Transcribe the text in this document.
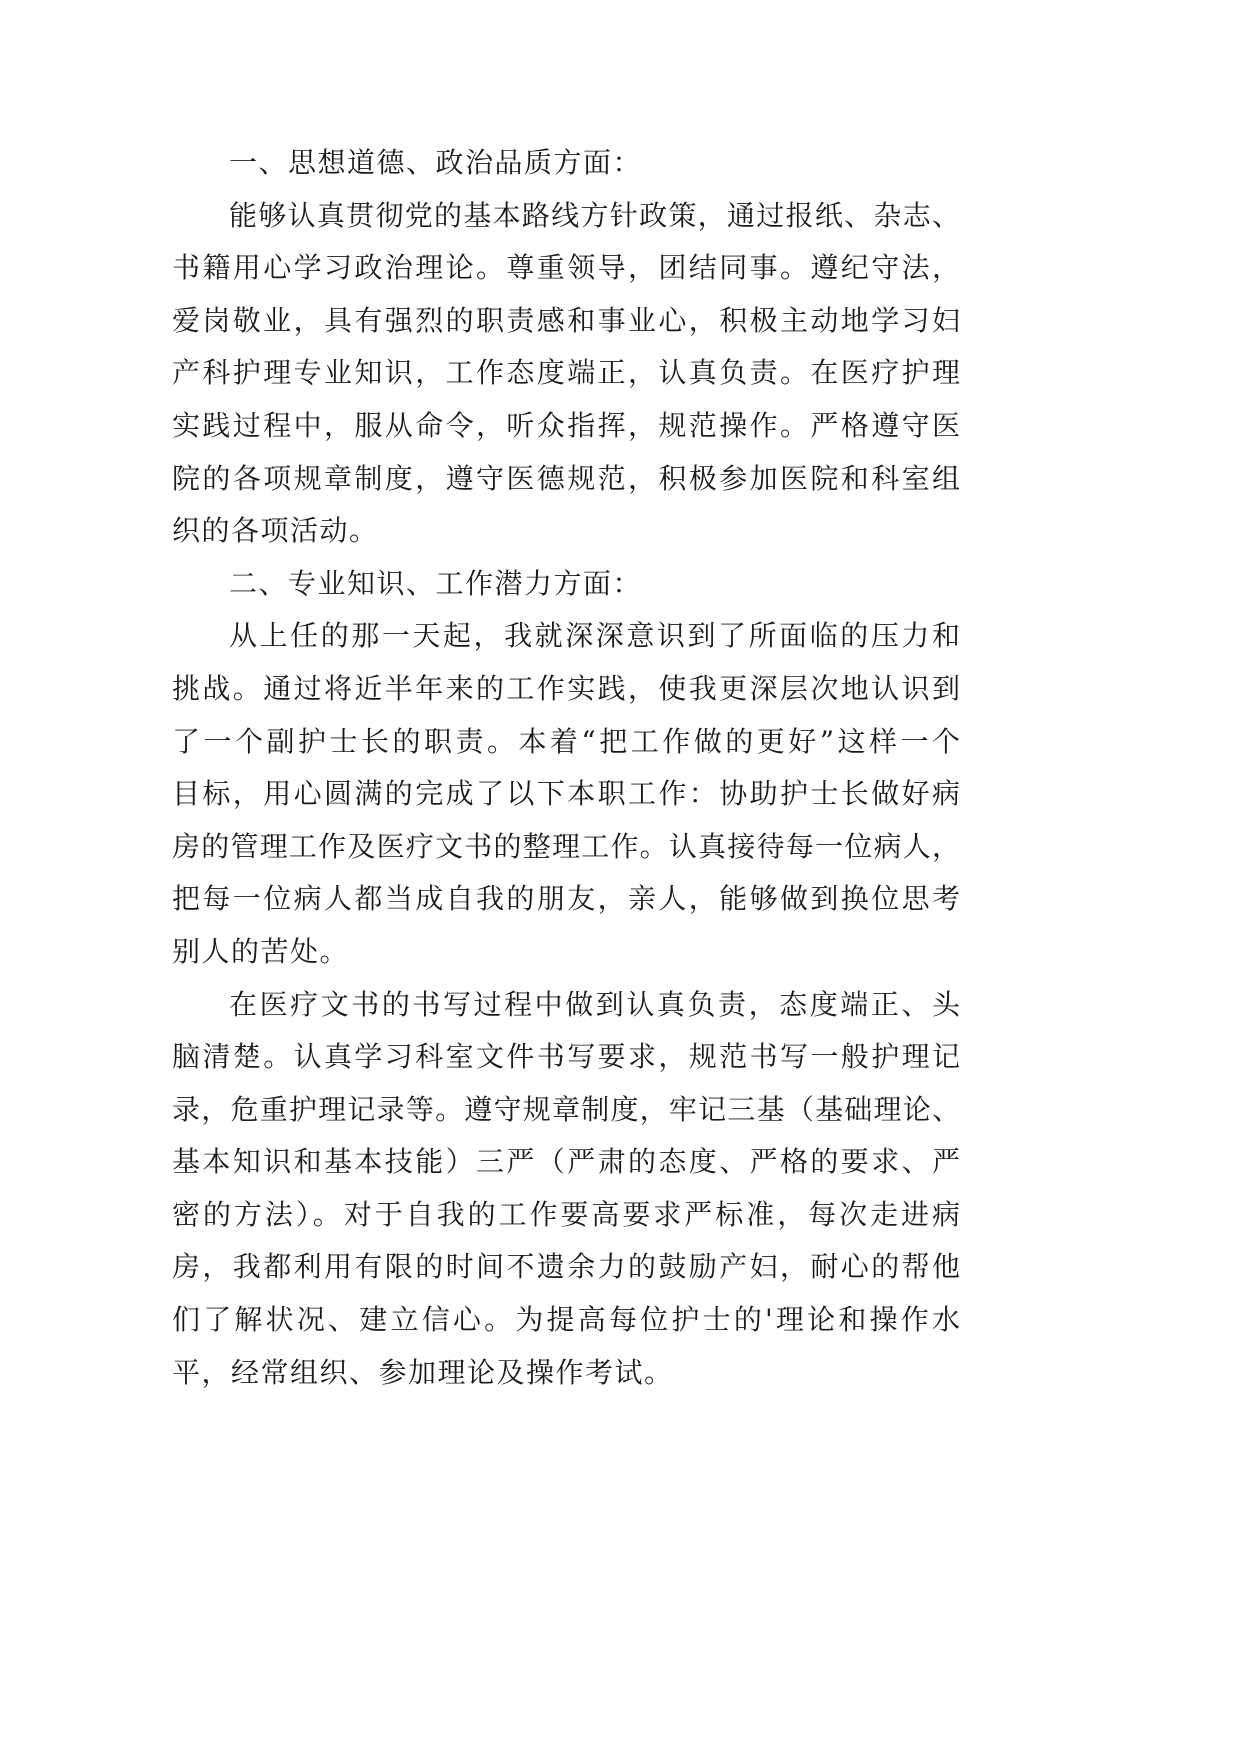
一、思想道德、政治品质方面：
能够认真贯彻党的基本路线方针政策，通过报纸、杂志、
书籍用心学习政治理论。尊重领导，团结同事。遵纪守法，
爱岗敬业，具有强烈的职责感和事业心，积极主动地学习妇
产科护理专业知识，工作态度端正，认真负责。在医疗护理
实践过程中，服从命令，听众指挥，规范操作。严格遵守医
院的各项规章制度，遵守医德规范，积极参加医院和科室组
织的各项活动。
二、专业知识、工作潜力方面：
从上任的那一天起，我就深深意识到了所面临的压力和
挑战。通过将近半年来的工作实践，使我更深层次地认识到
了一个副护士长的职责。本着“把工作做的更好”这样一个
目标，用心圆满的完成了以下本职工作：协助护士长做好病
房的管理工作及医疗文书的整理工作。认真接待每一位病人，
把每一位病人都当成自我的朋友，亲人，能够做到换位思考
别人的苦处。
在医疗文书的书写过程中做到认真负责，态度端正、头
脑清楚。认真学习科室文件书写要求，规范书写一般护理记
录，危重护理记录等。遵守规章制度，牢记三基（基础理论、
基本知识和基本技能）三严（严肃的态度、严格的要求、严
密的方法）。对于自我的工作要高要求严标准，每次走进病
房，我都利用有限的时间不遗余力的鼓励产妇，耐心的帮他
们了解状况、建立信心。为提高每位护士的'理论和操作水
平，经常组织、参加理论及操作考试。
